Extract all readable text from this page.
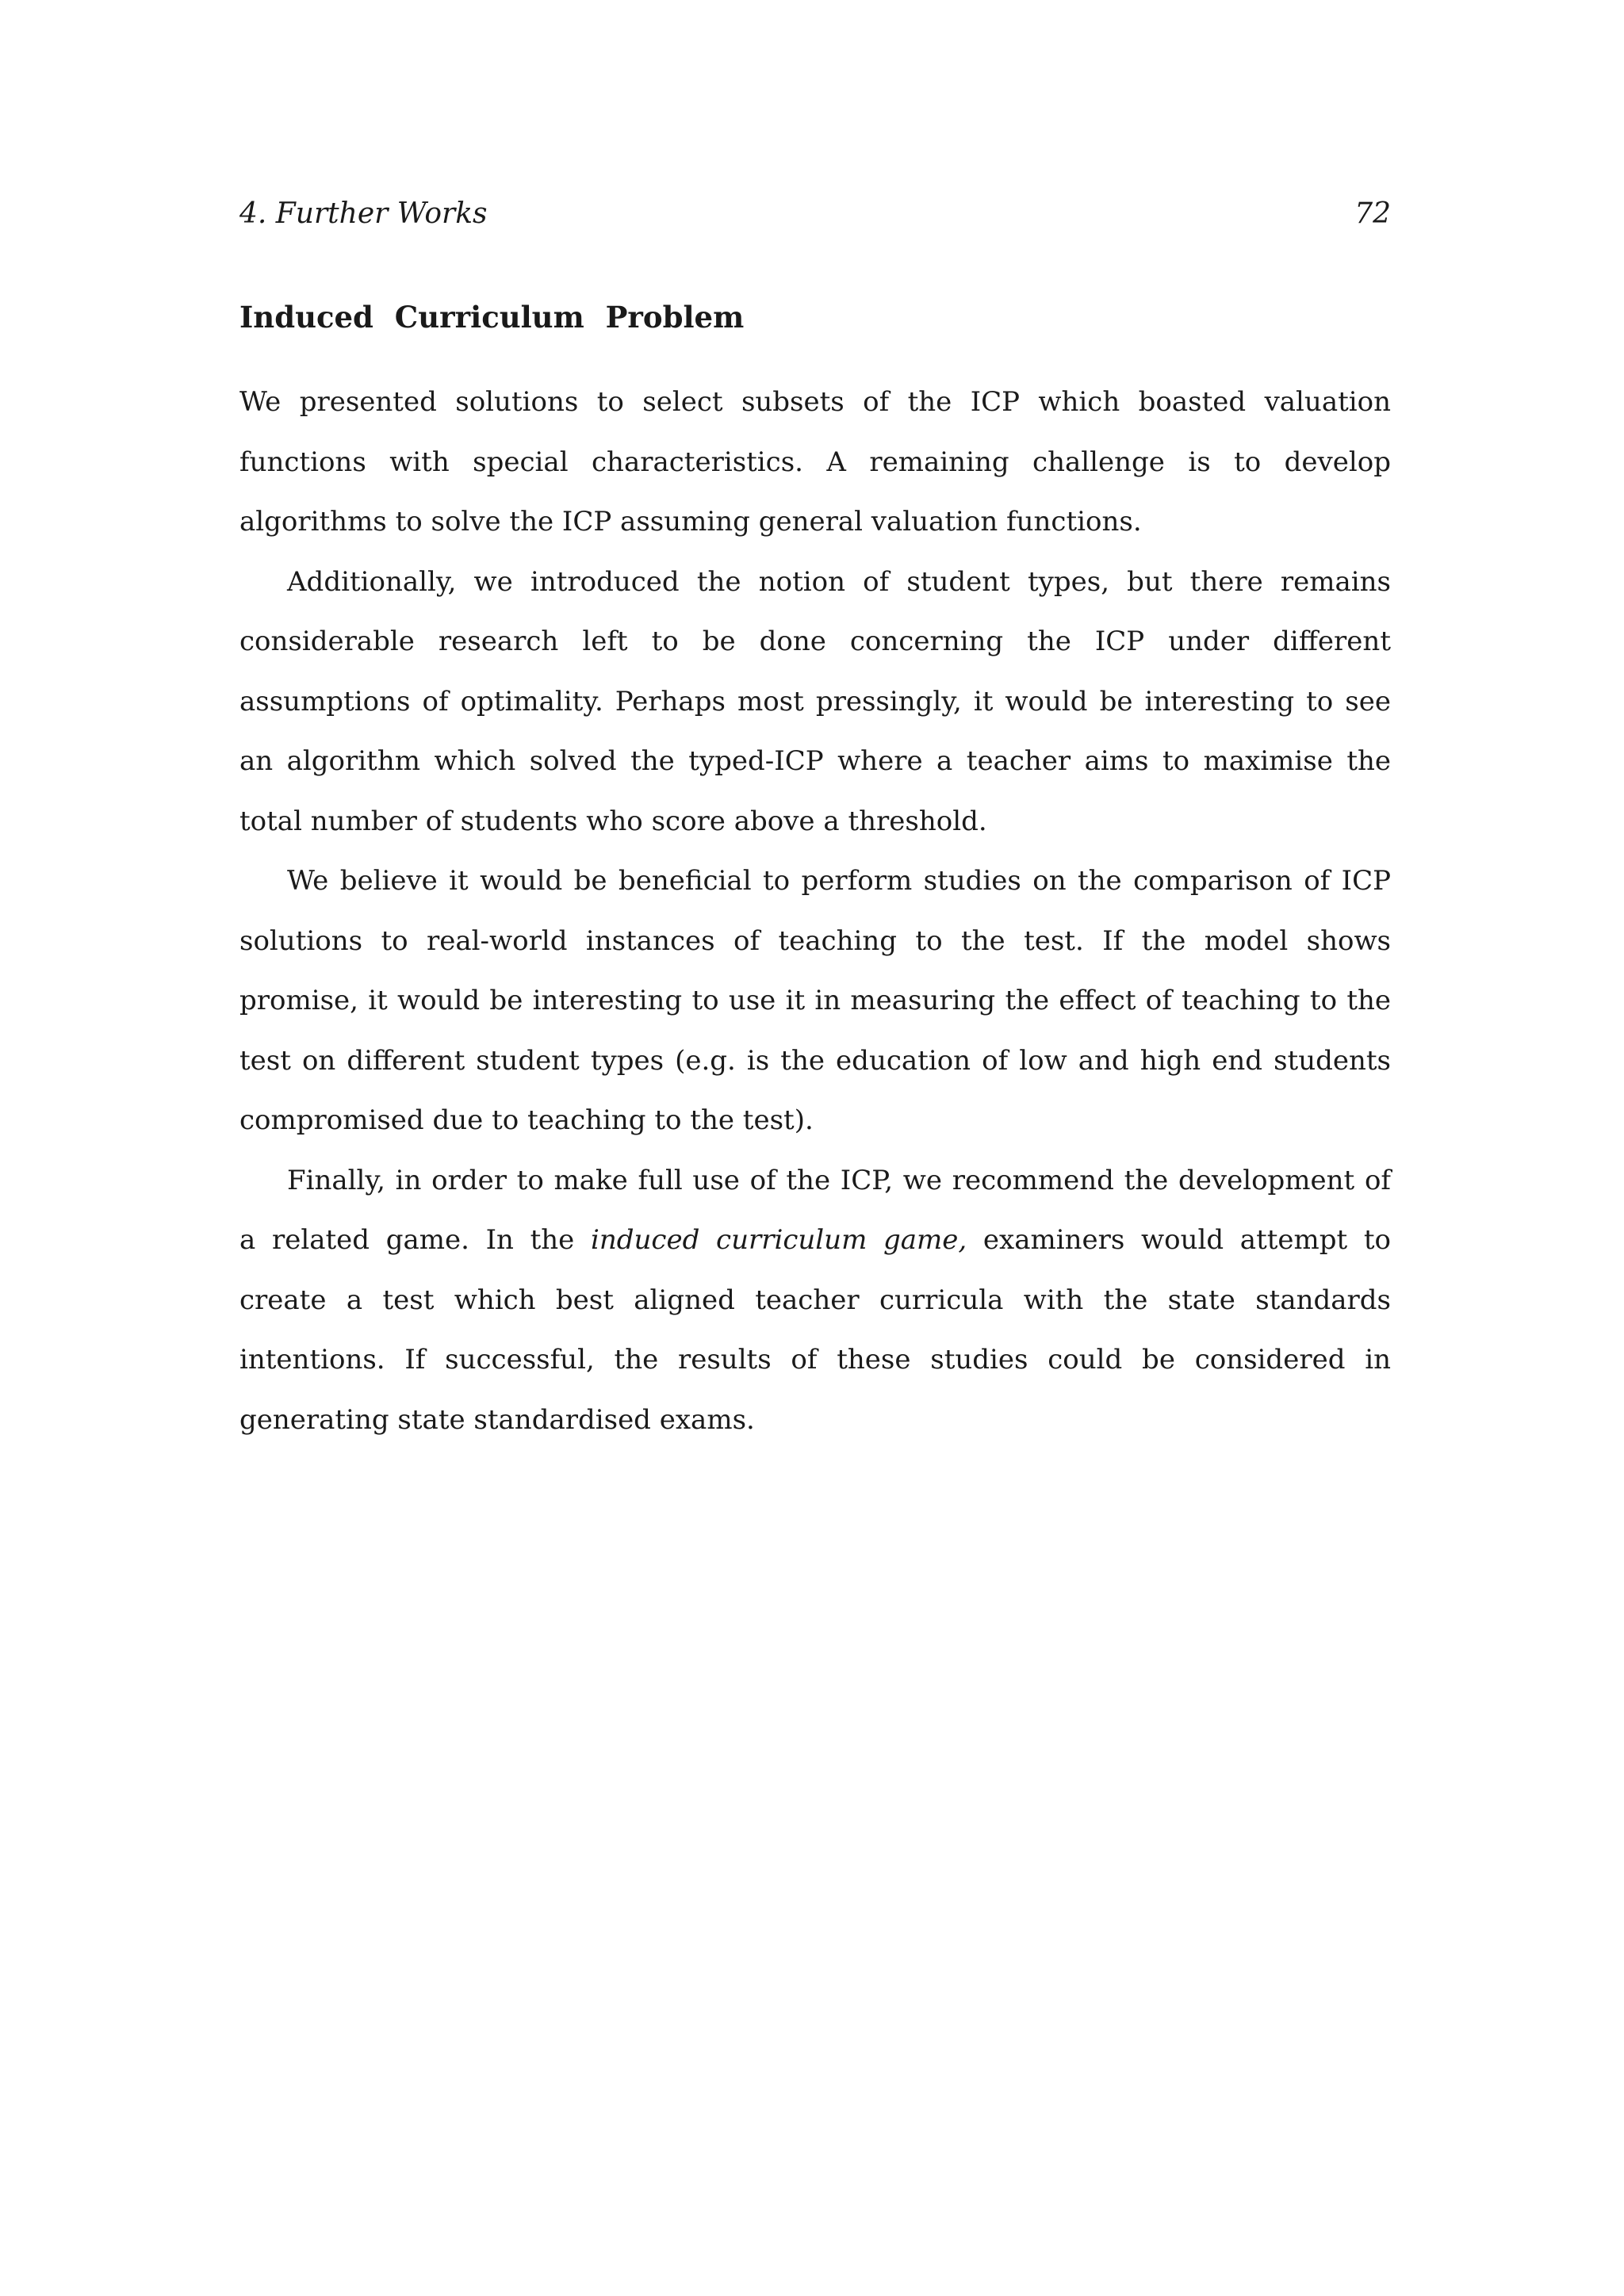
4. Further Works	72
Induced Curriculum Problem

We presented solutions to select subsets of the ICP which boasted valuation functions with special characteristics. A remaining challenge is to develop algorithms to solve the ICP assuming general valuation functions.

Additionally, we introduced the notion of student types, but there remains considerable research left to be done concerning the ICP under different assumptions of optimality. Perhaps most pressingly, it would be interesting to see an algorithm which solved the typed-ICP where a teacher aims to maximise the total number of students who score above a threshold.

We believe it would be beneficial to perform studies on the comparison of ICP solutions to real-world instances of teaching to the test. If the model shows promise, it would be interesting to use it in measuring the effect of teaching to the test on different student types (e.g. is the education of low and high end students compromised due to teaching to the test).

Finally, in order to make full use of the ICP, we recommend the development of a related game. In the induced curriculum game, examiners would attempt to create a test which best aligned teacher curricula with the state standards intentions. If successful, the results of these studies could be considered in generating state standardised exams.
